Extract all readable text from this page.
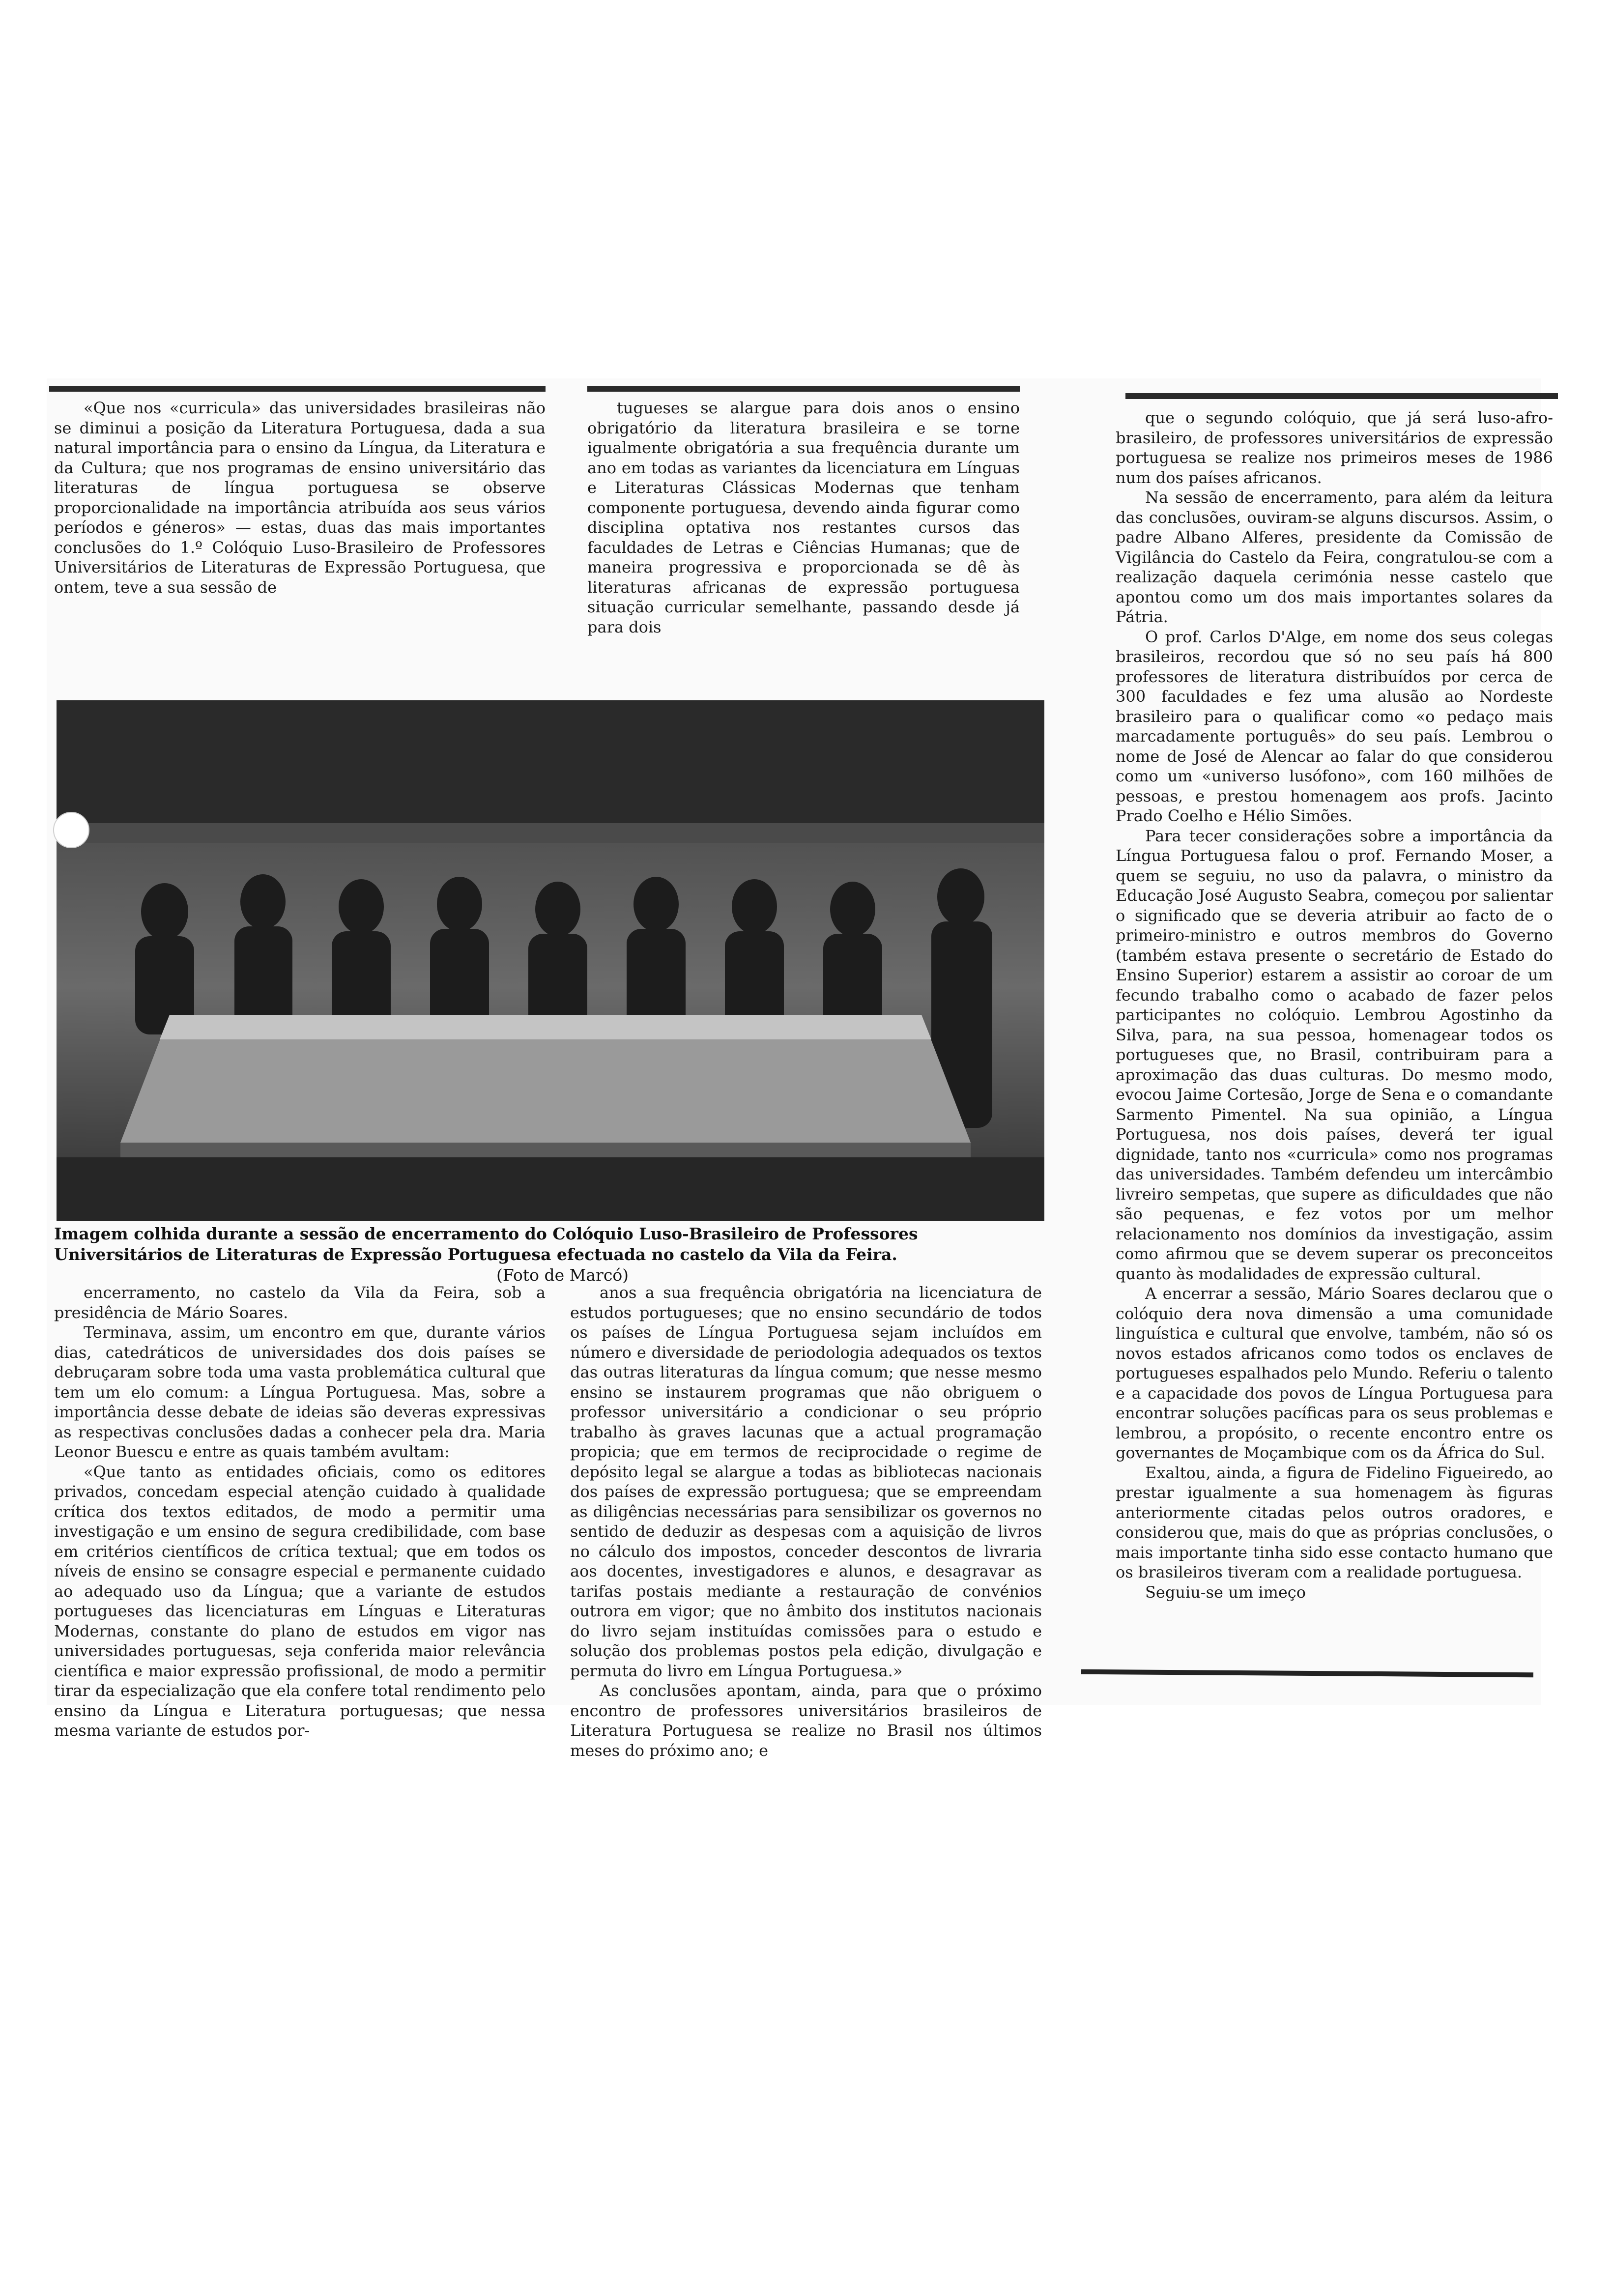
«Que nos «curricula» das universidades brasileiras não se diminui a posição da Literatura Portuguesa, dada a sua natural importância para o ensino da Língua, da Literatura e da Cultura; que nos programas de ensino universitário das literaturas de língua portuguesa se observe proporcionalidade na importância atribuída aos seus vários períodos e géneros» — estas, duas das mais importantes conclusões do 1.º Colóquio Luso-Brasileiro de Professores Universitários de Literaturas de Expressão Portuguesa, que ontem, teve a sua sessão de

tugueses se alargue para dois anos o ensino obrigatório da literatura brasileira e se torne igualmente obrigatória a sua frequência durante um ano em todas as variantes da licenciatura em Línguas e Literaturas Clássicas Modernas que tenham componente portuguesa, devendo ainda figurar como disciplina optativa nos restantes cursos das faculdades de Letras e Ciências Humanas; que de maneira progressiva e proporcionada se dê às literaturas africanas de expressão portuguesa situação curricular semelhante, passando desde já para dois

que o segundo colóquio, que já será luso-afro-brasileiro, de professores universitários de expressão portuguesa se realize nos primeiros meses de 1986 num dos países africanos.

Na sessão de encerramento, para além da leitura das conclusões, ouviram-se alguns discursos. Assim, o padre Albano Alferes, presidente da Comissão de Vigilância do Castelo da Feira, congratulou-se com a realização daquela cerimónia nesse castelo que apontou como um dos mais importantes solares da Pátria.

O prof. Carlos D'Alge, em nome dos seus colegas brasileiros, recordou que só no seu país há 800 professores de literatura distribuídos por cerca de 300 faculdades e fez uma alusão ao Nordeste brasileiro para o qualificar como «o pedaço mais marcadamente português» do seu país. Lembrou o nome de José de Alencar ao falar do que considerou como um «universo lusófono», com 160 milhões de pessoas, e prestou homenagem aos profs. Jacinto Prado Coelho e Hélio Simões.

Para tecer considerações sobre a importância da Língua Portuguesa falou o prof. Fernando Moser, a quem se seguiu, no uso da palavra, o ministro da Educação José Augusto Seabra, começou por salientar o significado que se deveria atribuir ao facto de o primeiro-ministro e outros membros do Governo (também estava presente o secretário de Estado do Ensino Superior) estarem a assistir ao coroar de um fecundo trabalho como o acabado de fazer pelos participantes no colóquio. Lembrou Agostinho da Silva, para, na sua pessoa, homenagear todos os portugueses que, no Brasil, contribuiram para a aproximação das duas culturas. Do mesmo modo, evocou Jaime Cortesão, Jorge de Sena e o comandante Sarmento Pimentel. Na sua opinião, a Língua Portuguesa, nos dois países, deverá ter igual dignidade, tanto nos «curricula» como nos programas das universidades. Também defendeu um intercâmbio livreiro sempetas, que supere as dificuldades que não são pequenas, e fez votos por um melhor relacionamento nos domínios da investigação, assim como afirmou que se devem superar os preconceitos quanto às modalidades de expressão cultural.

A encerrar a sessão, Mário Soares declarou que o colóquio dera nova dimensão a uma comunidade linguística e cultural que envolve, também, não só os novos estados africanos como todos os enclaves de portugueses espalhados pelo Mundo. Referiu o talento e a capacidade dos povos de Língua Portuguesa para encontrar soluções pacíficas para os seus problemas e lembrou, a propósito, o recente encontro entre os governantes de Moçambique com os da África do Sul.

Exaltou, ainda, a figura de Fidelino Figueiredo, ao prestar igualmente a sua homenagem às figuras anteriormente citadas pelos outros oradores, e considerou que, mais do que as próprias conclusões, o mais importante tinha sido esse contacto humano que os brasileiros tiveram com a realidade portuguesa.

Seguiu-se um imeço

Imagem colhida durante a sessão de encerramento do Colóquio Luso-Brasileiro de Professores Universitários de Literaturas de Expressão Portuguesa efectuada no castelo da Vila da Feira. (Foto de Marcó)

encerramento, no castelo da Vila da Feira, sob a presidência de Mário Soares.

Terminava, assim, um encontro em que, durante vários dias, catedráticos de universidades dos dois países se debruçaram sobre toda uma vasta problemática cultural que tem um elo comum: a Língua Portuguesa. Mas, sobre a importância desse debate de ideias são deveras expressivas as respectivas conclusões dadas a conhecer pela dra. Maria Leonor Buescu e entre as quais também avultam:

«Que tanto as entidades oficiais, como os editores privados, concedam especial atenção cuidado à qualidade crítica dos textos editados, de modo a permitir uma investigação e um ensino de segura credibilidade, com base em critérios científicos de crítica textual; que em todos os níveis de ensino se consagre especial e permanente cuidado ao adequado uso da Língua; que a variante de estudos portugueses das licenciaturas em Línguas e Literaturas Modernas, constante do plano de estudos em vigor nas universidades portuguesas, seja conferida maior relevância científica e maior expressão profissional, de modo a permitir tirar da especialização que ela confere total rendimento pelo ensino da Língua e Literatura portuguesas; que nessa mesma variante de estudos por-

anos a sua frequência obrigatória na licenciatura de estudos portugueses; que no ensino secundário de todos os países de Língua Portuguesa sejam incluídos em número e diversidade de periodologia adequados os textos das outras literaturas da língua comum; que nesse mesmo ensino se instaurem programas que não obriguem o professor universitário a condicionar o seu próprio trabalho às graves lacunas que a actual programação propicia; que em termos de reciprocidade o regime de depósito legal se alargue a todas as bibliotecas nacionais dos países de expressão portuguesa; que se empreendam as diligências necessárias para sensibilizar os governos no sentido de deduzir as despesas com a aquisição de livros no cálculo dos impostos, conceder descontos de livraria aos docentes, investigadores e alunos, e desagravar as tarifas postais mediante a restauração de convénios outrora em vigor; que no âmbito dos institutos nacionais do livro sejam instituídas comissões para o estudo e solução dos problemas postos pela edição, divulgação e permuta do livro em Língua Portuguesa.»

As conclusões apontam, ainda, para que o próximo encontro de professores universitários brasileiros de Literatura Portuguesa se realize no Brasil nos últimos meses do próximo ano; e
